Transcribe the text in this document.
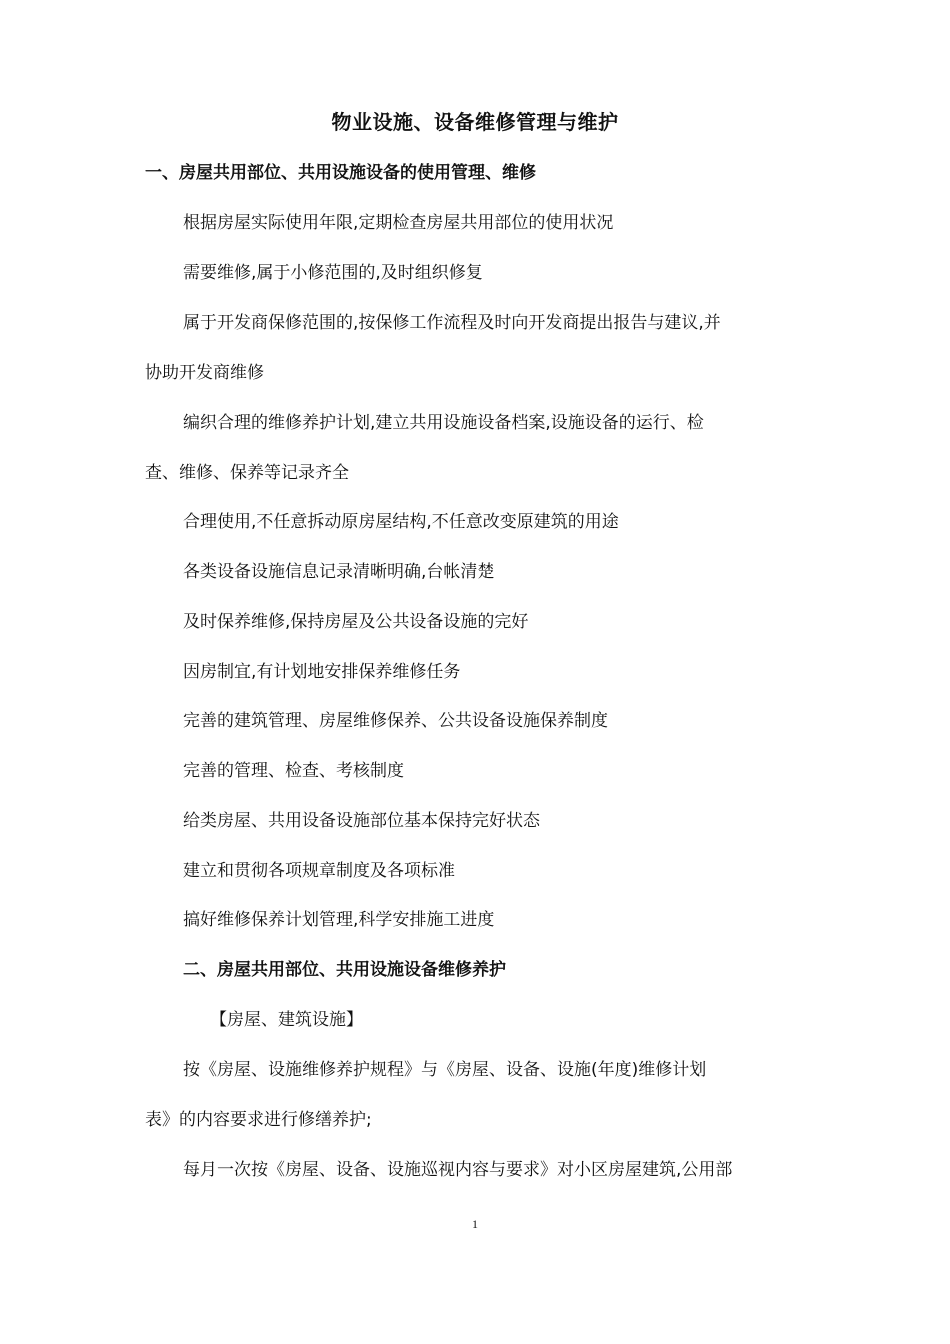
物业设施、设备维修管理与维护
一、房屋共用部位、共用设施设备的使用管理、维修
根据房屋实际使用年限,定期检查房屋共用部位的使用状况
需要维修,属于小修范围的,及时组织修复
属于开发商保修范围的,按保修工作流程及时向开发商提出报告与建议,并
协助开发商维修
编织合理的维修养护计划,建立共用设施设备档案,设施设备的运行、检
查、维修、保养等记录齐全
合理使用,不任意拆动原房屋结构,不任意改变原建筑的用途
各类设备设施信息记录清晰明确,台帐清楚
及时保养维修,保持房屋及公共设备设施的完好
因房制宜,有计划地安排保养维修任务
完善的建筑管理、房屋维修保养、公共设备设施保养制度
完善的管理、检查、考核制度
给类房屋、共用设备设施部位基本保持完好状态
建立和贯彻各项规章制度及各项标准
搞好维修保养计划管理,科学安排施工进度
二、房屋共用部位、共用设施设备维修养护
【房屋、建筑设施】
按《房屋、设施维修养护规程》与《房屋、设备、设施(年度)维修计划
表》的内容要求进行修缮养护;
每月一次按《房屋、设备、设施巡视内容与要求》对小区房屋建筑,公用部
1
